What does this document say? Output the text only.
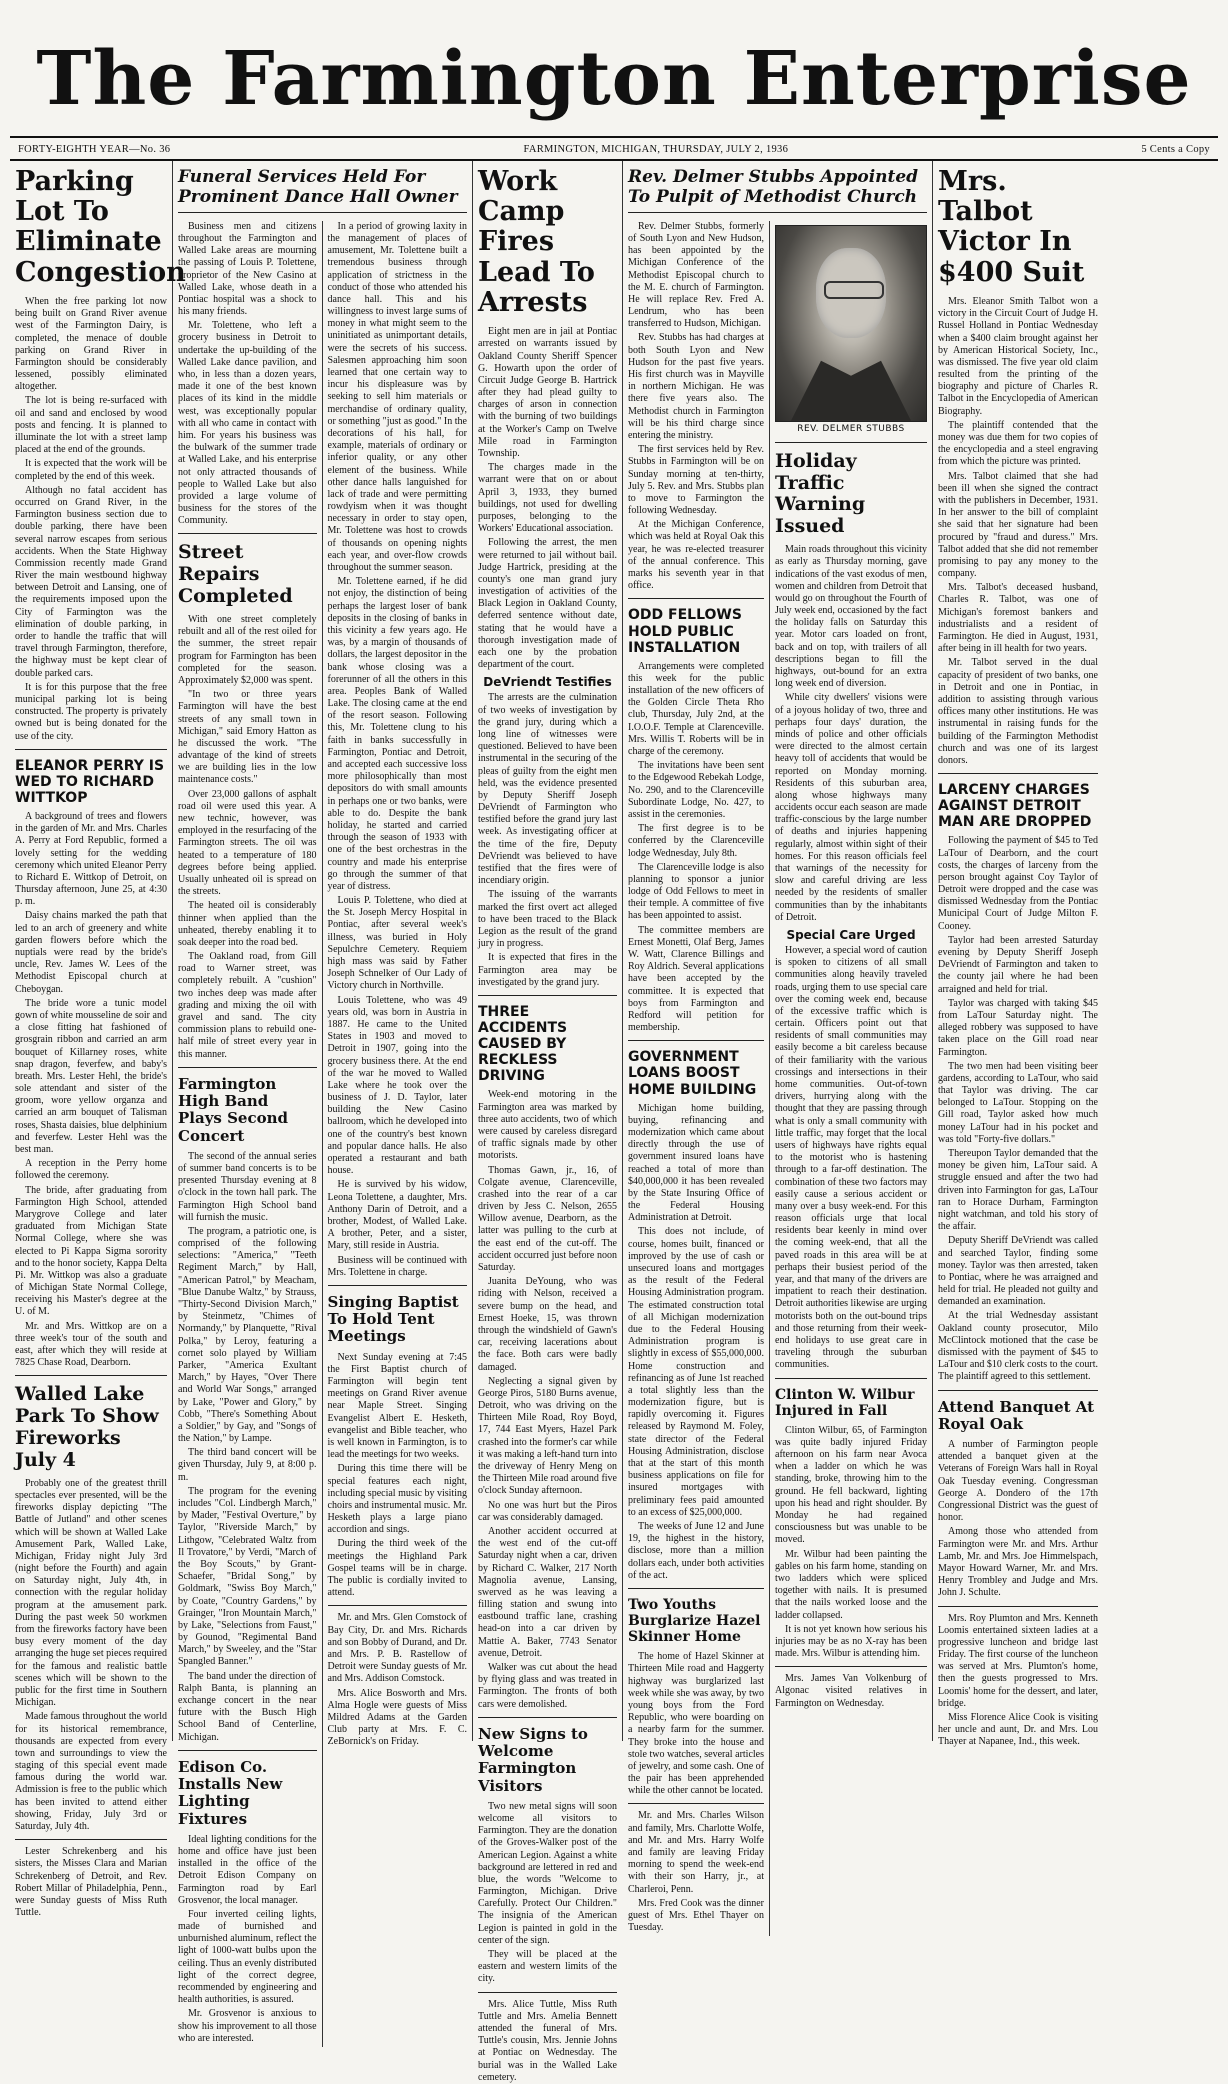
The Farmington Enterprise
FORTY-EIGHTH YEAR—No. 36	FARMINGTON, MICHIGAN, THURSDAY, JULY 2, 1936	5 Cents a Copy
Parking Lot To Eliminate Congestion

When the free parking lot now being built on Grand River avenue west of the Farmington Dairy, is completed, the menace of double parking on Grand River in Farmington should be considerably lessened, possibly eliminated altogether.

The lot is being re-surfaced with oil and sand and enclosed by wood posts and fencing. It is planned to illuminate the lot with a street lamp placed at the end of the grounds.

It is expected that the work will be completed by the end of this week.

Although no fatal accident has occurred on Grand River, in the Farmington business section due to double parking, there have been several narrow escapes from serious accidents. When the State Highway Commission recently made Grand River the main westbound highway between Detroit and Lansing, one of the requirements imposed upon the City of Farmington was the elimination of double parking, in order to handle the traffic that will travel through Farmington, therefore, the highway must be kept clear of double parked cars.

It is for this purpose that the free municipal parking lot is being constructed. The property is privately owned but is being donated for the use of the city.

ELEANOR PERRY IS WED TO RICHARD WITTKOP

A background of trees and flowers in the garden of Mr. and Mrs. Charles A. Perry at Ford Republic, formed a lovely setting for the wedding ceremony which united Eleanor Perry to Richard E. Wittkop of Detroit, on Thursday afternoon, June 25, at 4:30 p. m.

Daisy chains marked the path that led to an arch of greenery and white garden flowers before which the nuptials were read by the bride's uncle, Rev. James W. Lees of the Methodist Episcopal church at Cheboygan.

The bride wore a tunic model gown of white mousseline de soir and a close fitting hat fashioned of grosgrain ribbon and carried an arm bouquet of Killarney roses, white snap dragon, feverfew, and baby's breath. Mrs. Lester Hehl, the bride's sole attendant and sister of the groom, wore yellow organza and carried an arm bouquet of Talisman roses, Shasta daisies, blue delphinium and feverfew. Lester Hehl was the best man.

A reception in the Perry home followed the ceremony.

The bride, after graduating from Farmington High School, attended Marygrove College and later graduated from Michigan State Normal College, where she was elected to Pi Kappa Sigma sorority and to the honor society, Kappa Delta Pi. Mr. Wittkop was also a graduate of Michigan State Normal College, receiving his Master's degree at the U. of M.

Mr. and Mrs. Wittkop are on a three week's tour of the south and east, after which they will reside at 7825 Chase Road, Dearborn.

Walled Lake Park To Show Fireworks July 4

Probably one of the greatest thrill spectacles ever presented, will be the fireworks display depicting "The Battle of Jutland" and other scenes which will be shown at Walled Lake Amusement Park, Walled Lake, Michigan, Friday night July 3rd (night before the Fourth) and again on Saturday night, July 4th, in connection with the regular holiday program at the amusement park. During the past week 50 workmen from the fireworks factory have been busy every moment of the day arranging the huge set pieces required for the famous and realistic battle scenes which will be shown to the public for the first time in Southern Michigan.

Made famous throughout the world for its historical remembrance, thousands are expected from every town and surroundings to view the staging of this special event made famous during the world war. Admission is free to the public which has been invited to attend either showing, Friday, July 3rd or Saturday, July 4th.

Lester Schrekenberg and his sisters, the Misses Clara and Marian Schrekenberg of Detroit, and Rev. Robert Millar of Philadelphia, Penn., were Sunday guests of Miss Ruth Tuttle.

Funeral Services Held For Prominent Dance Hall Owner

Business men and citizens throughout the Farmington and Walled Lake areas are mourning the passing of Louis P. Tolettene, proprietor of the New Casino at Walled Lake, whose death in a Pontiac hospital was a shock to his many friends.

Mr. Tolettene, who left a grocery business in Detroit to undertake the up-building of the Walled Lake dance pavilion, and who, in less than a dozen years, made it one of the best known places of its kind in the middle west, was exceptionally popular with all who came in contact with him. For years his business was the bulwark of the summer trade at Walled Lake, and his enterprise not only attracted thousands of people to Walled Lake but also provided a large volume of business for the stores of the Community.

Street Repairs Completed

With one street completely rebuilt and all of the rest oiled for the summer, the street repair program for Farmington has been completed for the season. Approximately $2,000 was spent.

"In two or three years Farmington will have the best streets of any small town in Michigan," said Emory Hatton as he discussed the work. "The advantage of the kind of streets we are building lies in the low maintenance costs."

Over 23,000 gallons of asphalt road oil were used this year. A new technic, however, was employed in the resurfacing of the Farmington streets. The oil was heated to a temperature of 180 degrees before being applied. Usually unheated oil is spread on the streets.

The heated oil is considerably thinner when applied than the unheated, thereby enabling it to soak deeper into the road bed.

The Oakland road, from Gill road to Warner street, was completely rebuilt. A "cushion" two inches deep was made after grading and mixing the oil with gravel and sand. The city commission plans to rebuild one-half mile of street every year in this manner.

Farmington High Band Plays Second Concert

The second of the annual series of summer band concerts is to be presented Thursday evening at 8 o'clock in the town hall park. The Farmington High School band will furnish the music.

The program, a patriotic one, is comprised of the following selections: "America," "Teeth Regiment March," by Hall, "American Patrol," by Meacham, "Blue Danube Waltz," by Strauss, "Thirty-Second Division March," by Steinmetz, "Chimes of Normandy," by Planquette, "Rival Polka," by Leroy, featuring a cornet solo played by William Parker, "America Exultant March," by Hayes, "Over There and World War Songs," arranged by Lake, "Power and Glory," by Cobb, "There's Something About a Soldier," by Gay, and "Songs of the Nation," by Lampe.

The third band concert will be given Thursday, July 9, at 8:00 p. m.

The program for the evening includes "Col. Lindbergh March," by Mader, "Festival Overture," by Taylor, "Riverside March," by Lithgow, "Celebrated Waltz from Il Trovatore," by Verdi, "March of the Boy Scouts," by Grant-Schaefer, "Bridal Song," by Goldmark, "Swiss Boy March," by Coate, "Country Gardens," by Grainger, "Iron Mountain March," by Lake, "Selections from Faust," by Gounod, "Regimental Band March," by Sweeley, and the "Star Spangled Banner."

The band under the direction of Ralph Banta, is planning an exchange concert in the near future with the Busch High School Band of Centerline, Michigan.

Edison Co. Installs New Lighting Fixtures

Ideal lighting conditions for the home and office have just been installed in the office of the Detroit Edison Company on Farmington road by Earl Grosvenor, the local manager.

Four inverted ceiling lights, made of burnished and unburnished aluminum, reflect the light of 1000-watt bulbs upon the ceiling. Thus an evenly distributed light of the correct degree, recommended by engineering and health authorities, is assured.

Mr. Grosvenor is anxious to show his improvement to all those who are interested.

In a period of growing laxity in the management of places of amusement, Mr. Tolettene built a tremendous business through application of strictness in the conduct of those who attended his dance hall. This and his willingness to invest large sums of money in what might seem to the uninitiated as unimportant details, were the secrets of his success. Salesmen approaching him soon learned that one certain way to incur his displeasure was by seeking to sell him materials or merchandise of ordinary quality, or something "just as good." In the decorations of his hall, for example, materials of ordinary or inferior quality, or any other element of the business. While other dance halls languished for lack of trade and were permitting rowdyism when it was thought necessary in order to stay open, Mr. Tolettene was host to crowds of thousands on opening nights each year, and over-flow crowds throughout the summer season.

Mr. Tolettene earned, if he did not enjoy, the distinction of being perhaps the largest loser of bank deposits in the closing of banks in this vicinity a few years ago. He was, by a margin of thousands of dollars, the largest depositor in the bank whose closing was a forerunner of all the others in this area. Peoples Bank of Walled Lake. The closing came at the end of the resort season. Following this, Mr. Tolettene clung to his faith in banks successfully in Farmington, Pontiac and Detroit, and accepted each successive loss more philosophically than most depositors do with small amounts in perhaps one or two banks, were able to do. Despite the bank holiday, he started and carried through the season of 1933 with one of the best orchestras in the country and made his enterprise go through the summer of that year of distress.

Louis P. Tolettene, who died at the St. Joseph Mercy Hospital in Pontiac, after several week's illness, was buried in Holy Sepulchre Cemetery. Requiem high mass was said by Father Joseph Schnelker of Our Lady of Victory church in Northville.

Louis Tolettene, who was 49 years old, was born in Austria in 1887. He came to the United States in 1903 and moved to Detroit in 1907, going into the grocery business there. At the end of the war he moved to Walled Lake where he took over the business of J. D. Taylor, later building the New Casino ballroom, which he developed into one of the country's best known and popular dance halls. He also operated a restaurant and bath house.

He is survived by his widow, Leona Tolettene, a daughter, Mrs. Anthony Darin of Detroit, and a brother, Modest, of Walled Lake. A brother, Peter, and a sister, Mary, still reside in Austria.

Business will be continued with Mrs. Tolettene in charge.

Singing Baptist To Hold Tent Meetings

Next Sunday evening at 7:45 the First Baptist church of Farmington will begin tent meetings on Grand River avenue near Maple Street. Singing Evangelist Albert E. Hesketh, evangelist and Bible teacher, who is well known in Farmington, is to lead the meetings for two weeks.

During this time there will be special features each night, including special music by visiting choirs and instrumental music. Mr. Hesketh plays a large piano accordion and sings.

During the third week of the meetings the Highland Park Gospel teams will be in charge. The public is cordially invited to attend.

Mr. and Mrs. Glen Comstock of Bay City, Dr. and Mrs. Richards and son Bobby of Durand, and Dr. and Mrs. P. B. Rastellow of Detroit were Sunday guests of Mr. and Mrs. Addison Comstock.

Mrs. Alice Bosworth and Mrs. Alma Hogle were guests of Miss Mildred Adams at the Garden Club party at Mrs. F. C. ZeBornick's on Friday.

Work Camp Fires Lead To Arrests

Eight men are in jail at Pontiac arrested on warrants issued by Oakland County Sheriff Spencer G. Howarth upon the order of Circuit Judge George B. Hartrick after they had plead guilty to charges of arson in connection with the burning of two buildings at the Worker's Camp on Twelve Mile road in Farmington Township.

The charges made in the warrant were that on or about April 3, 1933, they burned buildings, not used for dwelling purposes, belonging to the Workers' Educational association.

Following the arrest, the men were returned to jail without bail. Judge Hartrick, presiding at the county's one man grand jury investigation of activities of the Black Legion in Oakland County, deferred sentence without date, stating that he would have a thorough investigation made of each one by the probation department of the court.

DeVriendt Testifies

The arrests are the culmination of two weeks of investigation by the grand jury, during which a long line of witnesses were questioned. Believed to have been instrumental in the securing of the pleas of guilty from the eight men held, was the evidence presented by Deputy Sheriff Joseph DeVriendt of Farmington who testified before the grand jury last week. As investigating officer at the time of the fire, Deputy DeVriendt was believed to have testified that the fires were of incendiary origin.

The issuing of the warrants marked the first overt act alleged to have been traced to the Black Legion as the result of the grand jury in progress.

It is expected that fires in the Farmington area may be investigated by the grand jury.

THREE ACCIDENTS CAUSED BY RECKLESS DRIVING

Week-end motoring in the Farmington area was marked by three auto accidents, two of which were caused by careless disregard of traffic signals made by other motorists.

Thomas Gawn, jr., 16, of Colgate avenue, Clarenceville, crashed into the rear of a car driven by Jess C. Nelson, 2655 Willow avenue, Dearborn, as the latter was pulling to the curb at the east end of the cut-off. The accident occurred just before noon Saturday.

Juanita DeYoung, who was riding with Nelson, received a severe bump on the head, and Ernest Hoeke, 15, was thrown through the windshield of Gawn's car, receiving lacerations about the face. Both cars were badly damaged.

Neglecting a signal given by George Piros, 5180 Burns avenue, Detroit, who was driving on the Thirteen Mile Road, Roy Boyd, 17, 744 East Myers, Hazel Park crashed into the former's car while it was making a left-hand turn into the driveway of Henry Meng on the Thirteen Mile road around five o'clock Sunday afternoon.

No one was hurt but the Piros car was considerably damaged.

Another accident occurred at the west end of the cut-off Saturday night when a car, driven by Richard C. Walker, 217 North Magnolia avenue, Lansing, swerved as he was leaving a filling station and swung into eastbound traffic lane, crashing head-on into a car driven by Mattie A. Baker, 7743 Senator avenue, Detroit.

Walker was cut about the head by flying glass and was treated in Farmington. The fronts of both cars were demolished.

New Signs to Welcome Farmington Visitors

Two new metal signs will soon welcome all visitors to Farmington. They are the donation of the Groves-Walker post of the American Legion. Against a white background are lettered in red and blue, the words "Welcome to Farmington, Michigan. Drive Carefully. Protect Our Children." The insignia of the American Legion is painted in gold in the center of the sign.

They will be placed at the eastern and western limits of the city.

Mrs. Alice Tuttle, Miss Ruth Tuttle and Mrs. Amelia Bennett attended the funeral of Mrs. Tuttle's cousin, Mrs. Jennie Johns at Pontiac on Wednesday. The burial was in the Walled Lake cemetery.

Rev. Delmer Stubbs Appointed To Pulpit of Methodist Church

Rev. Delmer Stubbs, formerly of South Lyon and New Hudson, has been appointed by the Michigan Conference of the Methodist Episcopal church to the M. E. church of Farmington. He will replace Rev. Fred A. Lendrum, who has been transferred to Hudson, Michigan.

Rev. Stubbs has had charges at both South Lyon and New Hudson for the past five years. His first church was in Mayville in northern Michigan. He was there five years also. The Methodist church in Farmington will be his third charge since entering the ministry.

The first services held by Rev. Stubbs in Farmington will be on Sunday morning at ten-thirty, July 5. Rev. and Mrs. Stubbs plan to move to Farmington the following Wednesday.

At the Michigan Conference, which was held at Royal Oak this year, he was re-elected treasurer of the annual conference. This marks his seventh year in that office.

ODD FELLOWS HOLD PUBLIC INSTALLATION

Arrangements were completed this week for the public installation of the new officers of the Golden Circle Theta Rho club, Thursday, July 2nd, at the I.O.O.F. Temple at Clarenceville. Mrs. Willis T. Roberts will be in charge of the ceremony.

The invitations have been sent to the Edgewood Rebekah Lodge, No. 290, and to the Clarenceville Subordinate Lodge, No. 427, to assist in the ceremonies.

The first degree is to be conferred by the Clarenceville lodge Wednesday, July 8th.

The Clarenceville lodge is also planning to sponsor a junior lodge of Odd Fellows to meet in their temple. A committee of five has been appointed to assist.

The committee members are Ernest Monetti, Olaf Berg, James W. Watt, Clarence Billings and Roy Aldrich. Several applications have been accepted by the committee. It is expected that boys from Farmington and Redford will petition for membership.

GOVERNMENT LOANS BOOST HOME BUILDING

Michigan home building, buying, refinancing and modernization which came about directly through the use of government insured loans have reached a total of more than $40,000,000 it has been revealed by the State Insuring Office of the Federal Housing Administration at Detroit.

This does not include, of course, homes built, financed or improved by the use of cash or unsecured loans and mortgages as the result of the Federal Housing Administration program. The estimated construction total of all Michigan modernization due to the Federal Housing Administration program is slightly in excess of $55,000,000. Home construction and refinancing as of June 1st reached a total slightly less than the modernization figure, but is rapidly overcoming it. Figures released by Raymond M. Foley, state director of the Federal Housing Administration, disclose that at the start of this month business applications on file for insured mortgages with preliminary fees paid amounted to an excess of $25,000,000.

The weeks of June 12 and June 19, the highest in the history, disclose, more than a million dollars each, under both activities of the act.

Two Youths Burglarize Hazel Skinner Home

The home of Hazel Skinner at Thirteen Mile road and Haggerty highway was burglarized last week while she was away, by two young boys from the Ford Republic, who were boarding on a nearby farm for the summer. They broke into the house and stole two watches, several articles of jewelry, and some cash. One of the pair has been apprehended while the other cannot be located.

Mr. and Mrs. Charles Wilson and family, Mrs. Charlotte Wolfe, and Mr. and Mrs. Harry Wolfe and family are leaving Friday morning to spend the week-end with their son Harry, jr., at Charleroi, Penn.

Mrs. Fred Cook was the dinner guest of Mrs. Ethel Thayer on Tuesday.

REV. DELMER STUBBS
Holiday Traffic Warning Issued

Main roads throughout this vicinity as early as Thursday morning, gave indications of the vast exodus of men, women and children from Detroit that would go on throughout the Fourth of July week end, occasioned by the fact the holiday falls on Saturday this year. Motor cars loaded on front, back and on top, with trailers of all descriptions began to fill the highways, out-bound for an extra long week end of diversion.

While city dwellers' visions were of a joyous holiday of two, three and perhaps four days' duration, the minds of police and other officials were directed to the almost certain heavy toll of accidents that would be reported on Monday morning. Residents of this suburban area, along whose highways many accidents occur each season are made traffic-conscious by the large number of deaths and injuries happening regularly, almost within sight of their homes. For this reason officials feel that warnings of the necessity for slow and careful driving are less needed by the residents of smaller communities than by the inhabitants of Detroit.

Special Care Urged

However, a special word of caution is spoken to citizens of all small communities along heavily traveled roads, urging them to use special care over the coming week end, because of the excessive traffic which is certain. Officers point out that residents of small communities may easily become a bit careless because of their familiarity with the various crossings and intersections in their home communities. Out-of-town drivers, hurrying along with the thought that they are passing through what is only a small community with little traffic, may forget that the local users of highways have rights equal to the motorist who is hastening through to a far-off destination. The combination of these two factors may easily cause a serious accident or many over a busy week-end. For this reason officials urge that local residents bear keenly in mind over the coming week-end, that all the paved roads in this area will be at perhaps their busiest period of the year, and that many of the drivers are impatient to reach their destination. Detroit authorities likewise are urging motorists both on the out-bound trips and those returning from their week-end holidays to use great care in traveling through the suburban communities.

Clinton W. Wilbur Injured in Fall

Clinton Wilbur, 65, of Farmington was quite badly injured Friday afternoon on his farm near Avoca when a ladder on which he was standing, broke, throwing him to the ground. He fell backward, lighting upon his head and right shoulder. By Monday he had regained consciousness but was unable to be moved.

Mr. Wilbur had been painting the gables on his farm home, standing on two ladders which were spliced together with nails. It is presumed that the nails worked loose and the ladder collapsed.

It is not yet known how serious his injuries may be as no X-ray has been made. Mrs. Wilbur is attending him.

Mrs. James Van Volkenburg of Algonac visited relatives in Farmington on Wednesday.

Mrs. Talbot Victor In $400 Suit

Mrs. Eleanor Smith Talbot won a victory in the Circuit Court of Judge H. Russel Holland in Pontiac Wednesday when a $400 claim brought against her by American Historical Society, Inc., was dismissed. The five year old claim resulted from the printing of the biography and picture of Charles R. Talbot in the Encyclopedia of American Biography.

The plaintiff contended that the money was due them for two copies of the encyclopedia and a steel engraving from which the picture was printed.

Mrs. Talbot claimed that she had been ill when she signed the contract with the publishers in December, 1931. In her answer to the bill of complaint she said that her signature had been procured by "fraud and duress." Mrs. Talbot added that she did not remember promising to pay any money to the company.

Mrs. Talbot's deceased husband, Charles R. Talbot, was one of Michigan's foremost bankers and industrialists and a resident of Farmington. He died in August, 1931, after being in ill health for two years.

Mr. Talbot served in the dual capacity of president of two banks, one in Detroit and one in Pontiac, in addition to assisting through various offices many other institutions. He was instrumental in raising funds for the building of the Farmington Methodist church and was one of its largest donors.

LARCENY CHARGES AGAINST DETROIT MAN ARE DROPPED

Following the payment of $45 to Ted LaTour of Dearborn, and the court costs, the charges of larceny from the person brought against Coy Taylor of Detroit were dropped and the case was dismissed Wednesday from the Pontiac Municipal Court of Judge Milton F. Cooney.

Taylor had been arrested Saturday evening by Deputy Sheriff Joseph DeVriendt of Farmington and taken to the county jail where he had been arraigned and held for trial.

Taylor was charged with taking $45 from LaTour Saturday night. The alleged robbery was supposed to have taken place on the Gill road near Farmington.

The two men had been visiting beer gardens, according to LaTour, who said that Taylor was driving. The car belonged to LaTour. Stopping on the Gill road, Taylor asked how much money LaTour had in his pocket and was told "Forty-five dollars."

Thereupon Taylor demanded that the money be given him, LaTour said. A struggle ensued and after the two had driven into Farmington for gas, LaTour ran to Horace Durham, Farmington night watchman, and told his story of the affair.

Deputy Sheriff DeVriendt was called and searched Taylor, finding some money. Taylor was then arrested, taken to Pontiac, where he was arraigned and held for trial. He pleaded not guilty and demanded an examination.

At the trial Wednesday assistant Oakland county prosecutor, Milo McClintock motioned that the case be dismissed with the payment of $45 to LaTour and $10 clerk costs to the court. The plaintiff agreed to this settlement.

Attend Banquet At Royal Oak

A number of Farmington people attended a banquet given at the Veterans of Foreign Wars hall in Royal Oak Tuesday evening. Congressman George A. Dondero of the 17th Congressional District was the guest of honor.

Among those who attended from Farmington were Mr. and Mrs. Arthur Lamb, Mr. and Mrs. Joe Himmelspach, Mayor Howard Warner, Mr. and Mrs. Henry Trombley and Judge and Mrs. John J. Schulte.

Mrs. Roy Plumton and Mrs. Kenneth Loomis entertained sixteen ladies at a progressive luncheon and bridge last Friday. The first course of the luncheon was served at Mrs. Plumton's home, then the guests progressed to Mrs. Loomis' home for the dessert, and later, bridge.

Miss Florence Alice Cook is visiting her uncle and aunt, Dr. and Mrs. Lou Thayer at Napanee, Ind., this week.
